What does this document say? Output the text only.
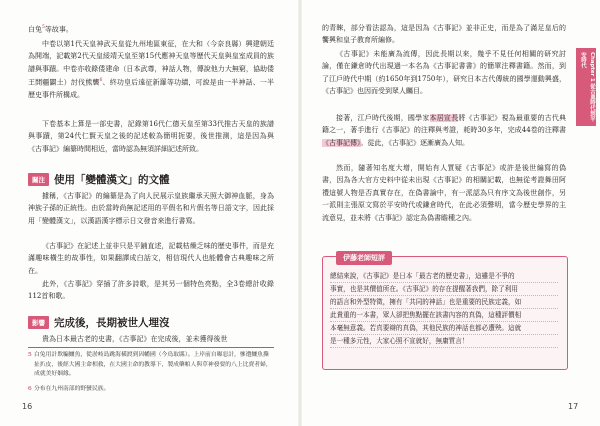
白兔$^5$等故事。

中卷以第1代天皇神武天皇從九州地區東征，在大和（今奈良縣）興建朝廷為開端，記載第2代天皇綏靖天皇至第15代應神天皇等歷代天皇與皇室成員的族譜與事蹟。中卷亦收錄倭建命（日本武尊，神話人物，傳說他力大無窮，協助倭王開疆闢土）討伐熊襲$^6$、終功皇后遠征新羅等功績，可說是由一半神話、一半歷史事件所構成。

下卷基本上算是一部史書，記錄第16代仁德天皇至第33代推古天皇的族譜與事蹟，第24代仁賢天皇之後的記述較為簡明扼要，後世推測，這是因為與《古事記》編纂時間相近，當時認為無須詳細記述所致。

關注 使用「變體漢文」的文體

據稱，《古事記》的編纂是為了向人民展示皇族繼承天照大御神血脈，身為神族子孫的正統性。由於當時尚無記述用的平假名和片假名等日語文字，因此採用「變體漢文」，以漢語漢字標示日文發音來進行書寫。

《古事記》在記述上並非只是平鋪直述，記載枯燥乏味的歷史事件，而是充滿趣味橫生的故事性，如果翻譯成白話文，相信現代人也能體會古典趣味之所在。

此外，《古事記》穿插了許多詩歌，是其另一個特色亮點，全3卷總計收錄112首和歌。

影響 完成後，長期被世人埋沒

貴為日本最古老的史書，《古事記》在完成後，並未獲得後世

5 白兔用計欺騙鱷魚，從淤岐島跳海橫渡到因幡國（今鳥取縣）。上岸前自曝惡計，慘遭鱷魚撕扯扒皮，後經大國主命相救，在大國主命的教導下，製成藥帕人與草神發要的八上比賣者婦，成就美好姻緣。

6 分布在九州南部的野蠻民族。

16

的青睞，部分看法認為，這是因為《古事記》並非正史，而是為了滿足皇后的饗興和皇子教育所編修。

《古事記》未能廣為流傳，因此長期以來，幾乎不見任何相關的研究討論，僅在鎌倉時代出現過一本名為《古事記書書》的簡單注釋書籍。然而，到了江戶時代中期（約1650年到1750年），研究日本古代傳統的國學運動興盛，《古事記》也因而受到眾人矚目。

接著，江戶時代後期，國學家本居宣長將《古事記》視為最重要的古代典籍之一，著手進行《古事記》的注釋與考證，耗時30多年，完成44卷的注釋書《古事記傳》。從此，《古事記》逐漸廣為人知。

然而，隨著知名度大增，開始有人質疑《古事記》或許是後世編寫的偽書，因為各大官方史料中從未出現《古事記》的相關記載，也無從考證舞田阿禮這號人物是否真實存在，在偽書論中，有一派認為只有序文為後世創作，另一派則主張原文寫於平安時代或鎌倉時代，在此必須聲明，當今歷史學界的主流意見，並未將《古事記》認定為偽書瞻種之內。

伊藤老師短評
總結來說，《古事記》是日本「最古老的歷史書」，這雖是不爭的
事實，也是其價值所在。《古事記》的存在提醒著我們，除了利用
的語言和外型特徵，擁有「共同的神話」也是重要的民族定義，如
此貴重的一本書，眾人卻把焦點擺在該書內容的真偽，這種評價相
本毫無意義。若真要辯的真偽，其他民族的神話也都必遭殃。這就
是一種多元性，大家心照不宣就好，無庸質言！
Chapter 1 從古典時代到平安時代
17
